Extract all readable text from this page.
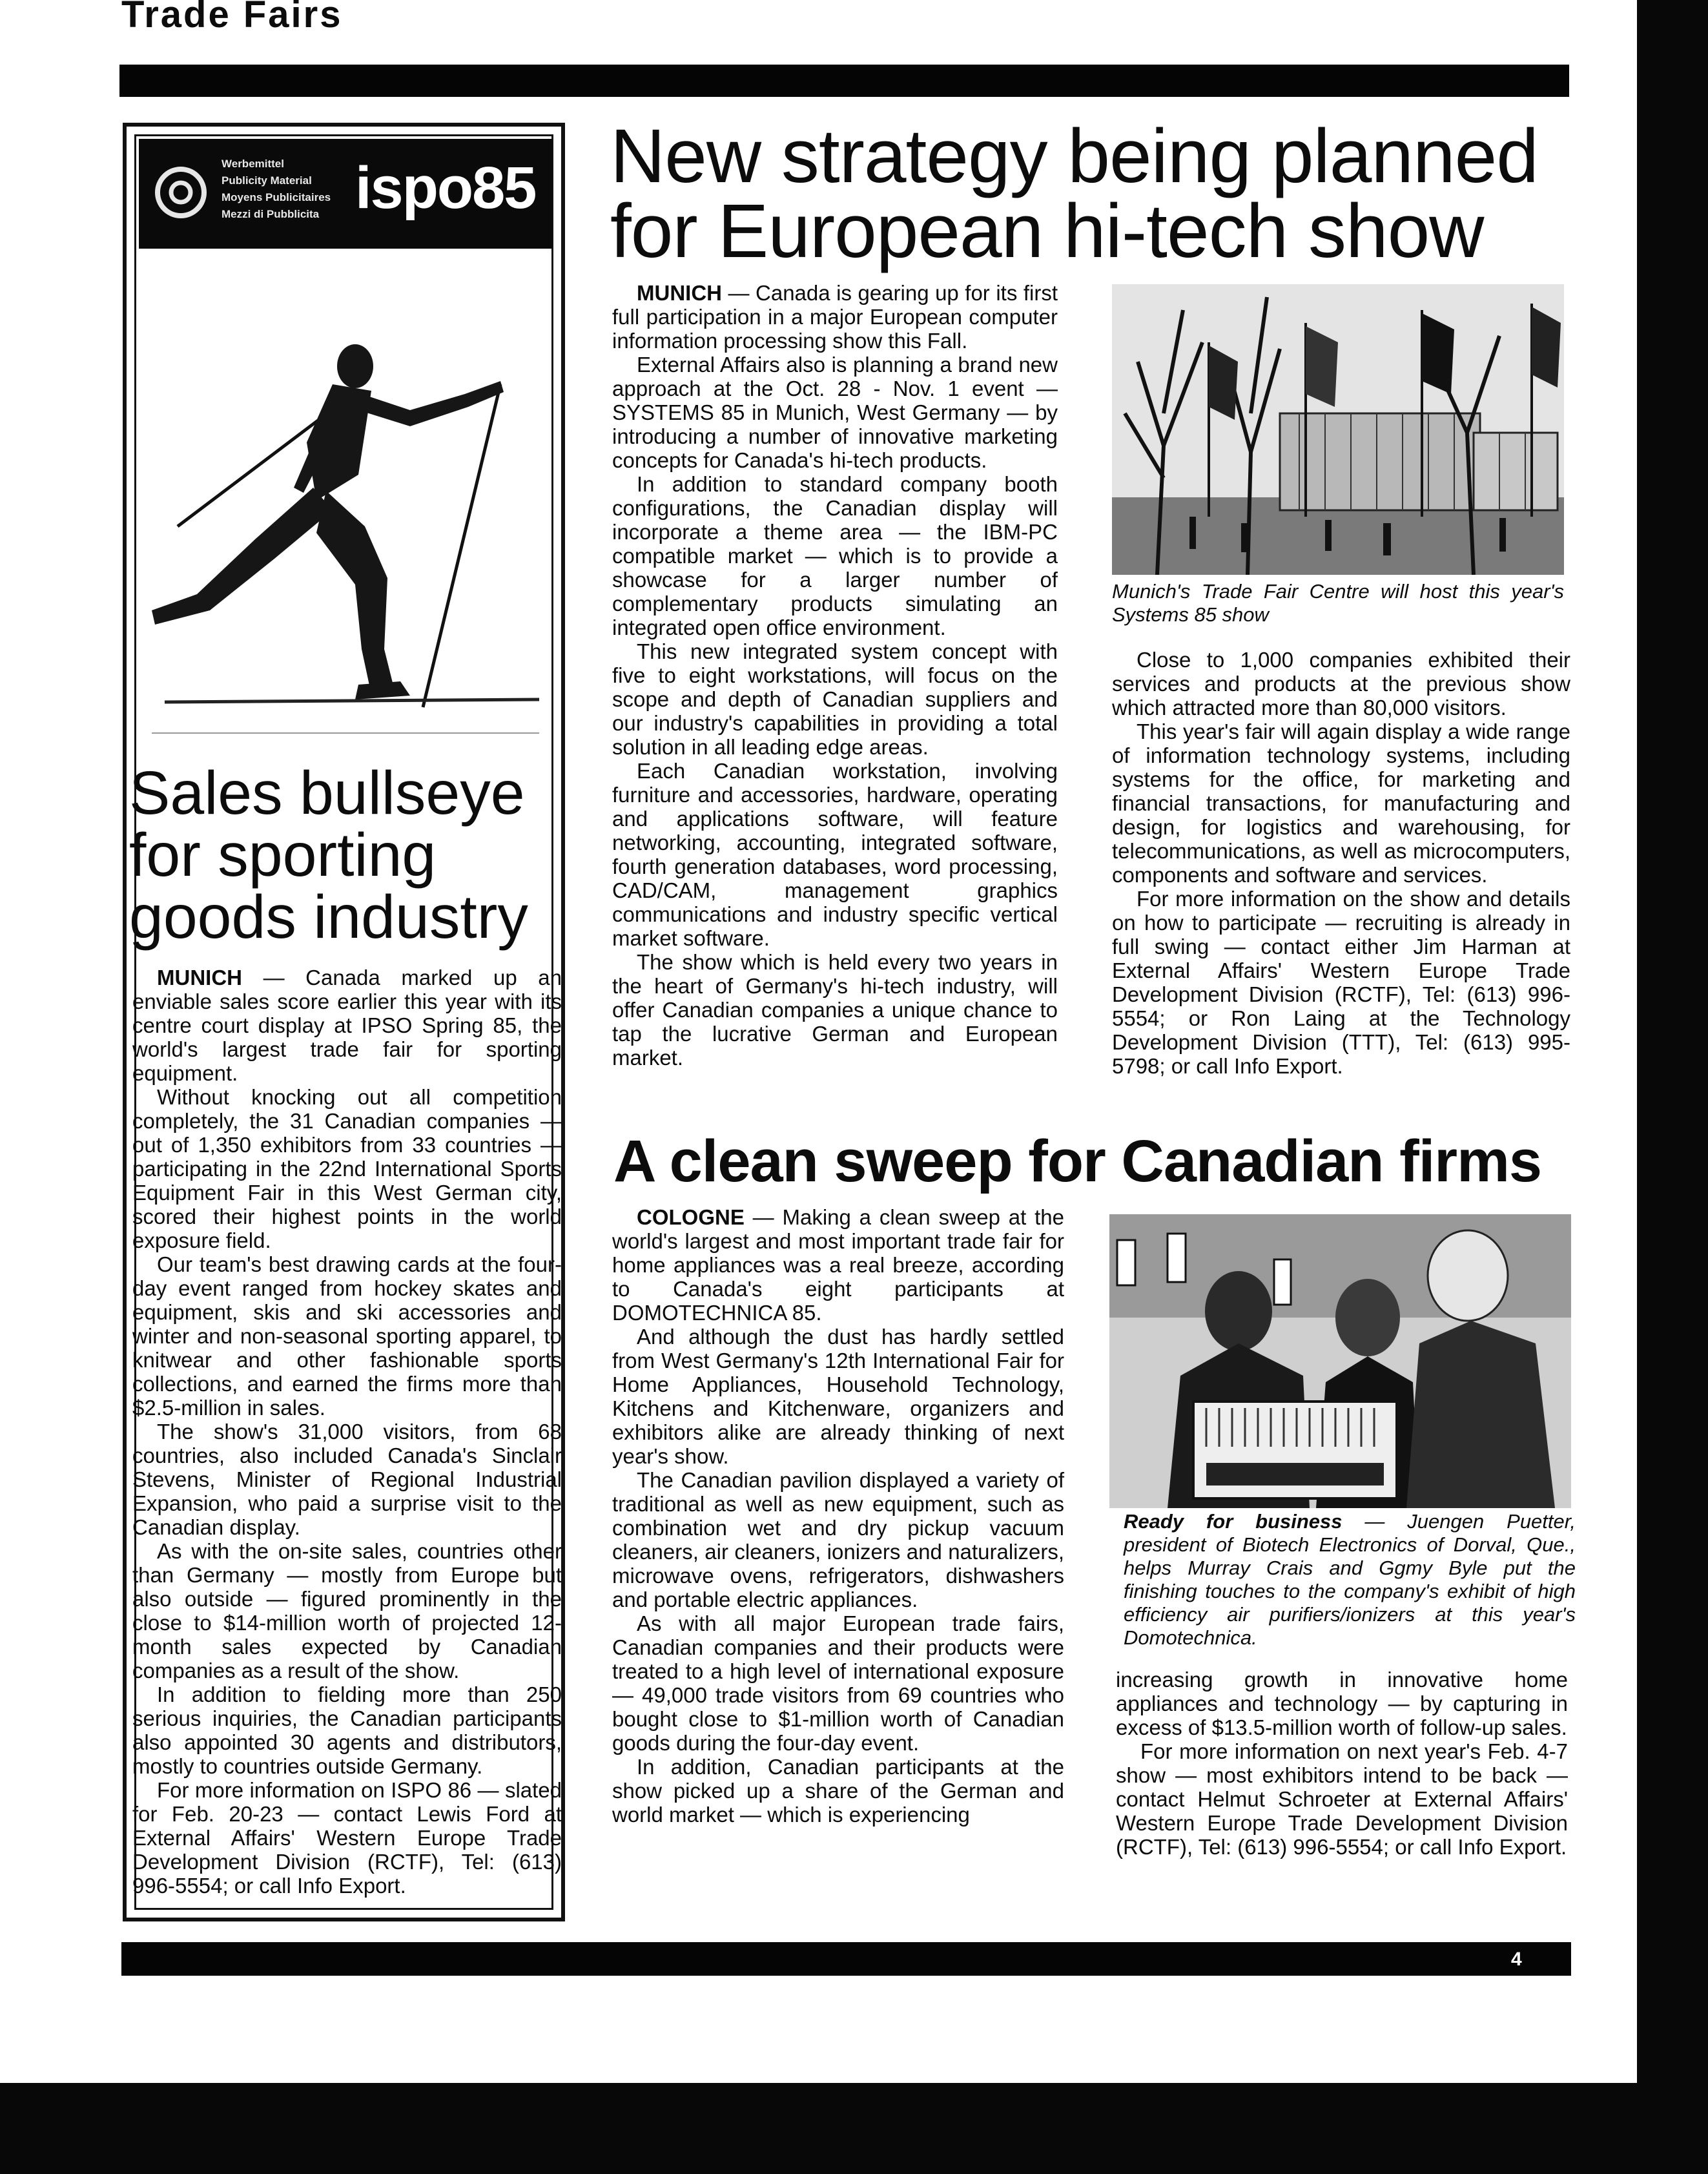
Trade Fairs
Werbemittel
Publicity Material
Moyens Publicitaires
Mezzi di Pubblicita ispo85
Sales bullseye for sporting goods industry

MUNICH — Canada marked up an enviable sales score earlier this year with its centre court display at IPSO Spring 85, the world's largest trade fair for sporting equipment.

Without knocking out all competition completely, the 31 Canadian companies — out of 1,350 exhibitors from 33 countries —participating in the 22nd International Sports Equipment Fair in this West German city, scored their highest points in the world exposure field.

Our team's best drawing cards at the four-day event ranged from hockey skates and equipment, skis and ski accessories and winter and non-seasonal sporting apparel, to knitwear and other fashionable sports collections, and earned the firms more than $2.5-million in sales.

The show's 31,000 visitors, from 68 countries, also included Canada's Sinclair Stevens, Minister of Regional Industrial Expansion, who paid a surprise visit to the Canadian display.

As with the on-site sales, countries other than Germany — mostly from Europe but also outside — figured prominently in the close to $14-million worth of projected 12-month sales expected by Canadian companies as a result of the show.

In addition to fielding more than 250 serious inquiries, the Canadian participants also appointed 30 agents and distributors, mostly to countries outside Germany.

For more information on ISPO 86 — slated for Feb. 20-23 — contact Lewis Ford at External Affairs' Western Europe Trade Development Division (RCTF), Tel: (613) 996-5554; or call Info Export.

New strategy being planned for European hi-tech show

MUNICH — Canada is gearing up for its first full participation in a major European computer information processing show this Fall.

External Affairs also is planning a brand new approach at the Oct. 28 - Nov. 1 event —SYSTEMS 85 in Munich, West Germany — by introducing a number of innovative marketing concepts for Canada's hi-tech products.

In addition to standard company booth configurations, the Canadian display will incorporate a theme area — the IBM-PC compatible market — which is to provide a showcase for a larger number of complementary products simulating an integrated open office environment.

This new integrated system concept with five to eight workstations, will focus on the scope and depth of Canadian suppliers and our industry's capabilities in providing a total solution in all leading edge areas.

Each Canadian workstation, involving furniture and accessories, hardware, operating and applications software, will feature networking, accounting, integrated software, fourth generation databases, word processing, CAD/CAM, management graphics communications and industry specific vertical market software.

The show which is held every two years in the heart of Germany's hi-tech industry, will offer Canadian companies a unique chance to tap the lucrative German and European market.

Munich's Trade Fair Centre will host this year's Systems 85 show

Close to 1,000 companies exhibited their services and products at the previous show which attracted more than 80,000 visitors.

This year's fair will again display a wide range of information technology systems, including systems for the office, for marketing and financial transactions, for manufacturing and design, for logistics and warehousing, for telecommunications, as well as microcomputers, components and software and services.

For more information on the show and details on how to participate — recruiting is already in full swing — contact either Jim Harman at External Affairs' Western Europe Trade Development Division (RCTF), Tel: (613) 996-5554; or Ron Laing at the Technology Development Division (TTT), Tel: (613) 995-5798; or call Info Export.

A clean sweep for Canadian firms

COLOGNE — Making a clean sweep at the world's largest and most important trade fair for home appliances was a real breeze, according to Canada's eight participants at DOMOTECHNICA 85.

And although the dust has hardly settled from West Germany's 12th International Fair for Home Appliances, Household Technology, Kitchens and Kitchenware, organizers and exhibitors alike are already thinking of next year's show.

The Canadian pavilion displayed a variety of traditional as well as new equipment, such as combination wet and dry pickup vacuum cleaners, air cleaners, ionizers and naturalizers, microwave ovens, refrigerators, dishwashers and portable electric appliances.

As with all major European trade fairs, Canadian companies and their products were treated to a high level of international exposure — 49,000 trade visitors from 69 countries who bought close to $1-million worth of Canadian goods during the four-day event.

In addition, Canadian participants at the show picked up a share of the German and world market — which is experiencing

Ready for business — Juengen Puetter, president of Biotech Electronics of Dorval, Que., helps Murray Crais and Ggmy Byle put the finishing touches to the company's exhibit of high efficiency air purifiers/ionizers at this year's Domotechnica.

increasing growth in innovative home appliances and technology — by capturing in excess of $13.5-million worth of follow-up sales.

For more information on next year's Feb. 4-7 show — most exhibitors intend to be back — contact Helmut Schroeter at External Affairs' Western Europe Trade Development Division (RCTF), Tel: (613) 996-5554; or call Info Export.

4
